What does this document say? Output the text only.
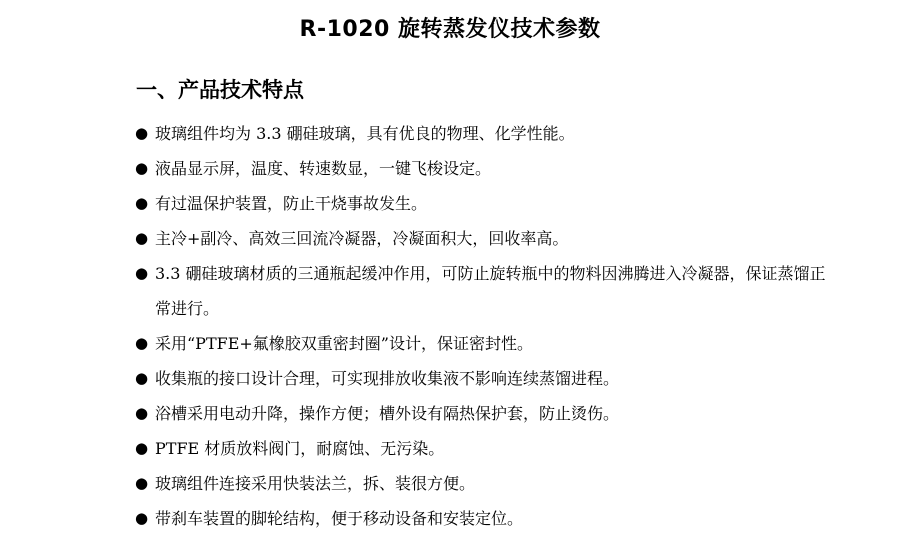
R-1020 旋转蒸发仪技术参数
一、产品技术特点
● 玻璃组件均为 3.3 硼硅玻璃，具有优良的物理、化学性能。
● 液晶显示屏，温度、转速数显，一键飞梭设定。
● 有过温保护装置，防止干烧事故发生。
● 主冷+副冷、高效三回流冷凝器，冷凝面积大，回收率高。
● 3.3 硼硅玻璃材质的三通瓶起缓冲作用，可防止旋转瓶中的物料因沸腾进入冷凝器，保证蒸馏正常进行。
● 采用“PTFE+氟橡胶双重密封圈”设计，保证密封性。
● 收集瓶的接口设计合理，可实现排放收集液不影响连续蒸馏进程。
● 浴槽采用电动升降，操作方便；槽外设有隔热保护套，防止烫伤。
● PTFE 材质放料阀门，耐腐蚀、无污染。
● 玻璃组件连接采用快装法兰，拆、装很方便。
● 带刹车装置的脚轮结构，便于移动设备和安装定位。
